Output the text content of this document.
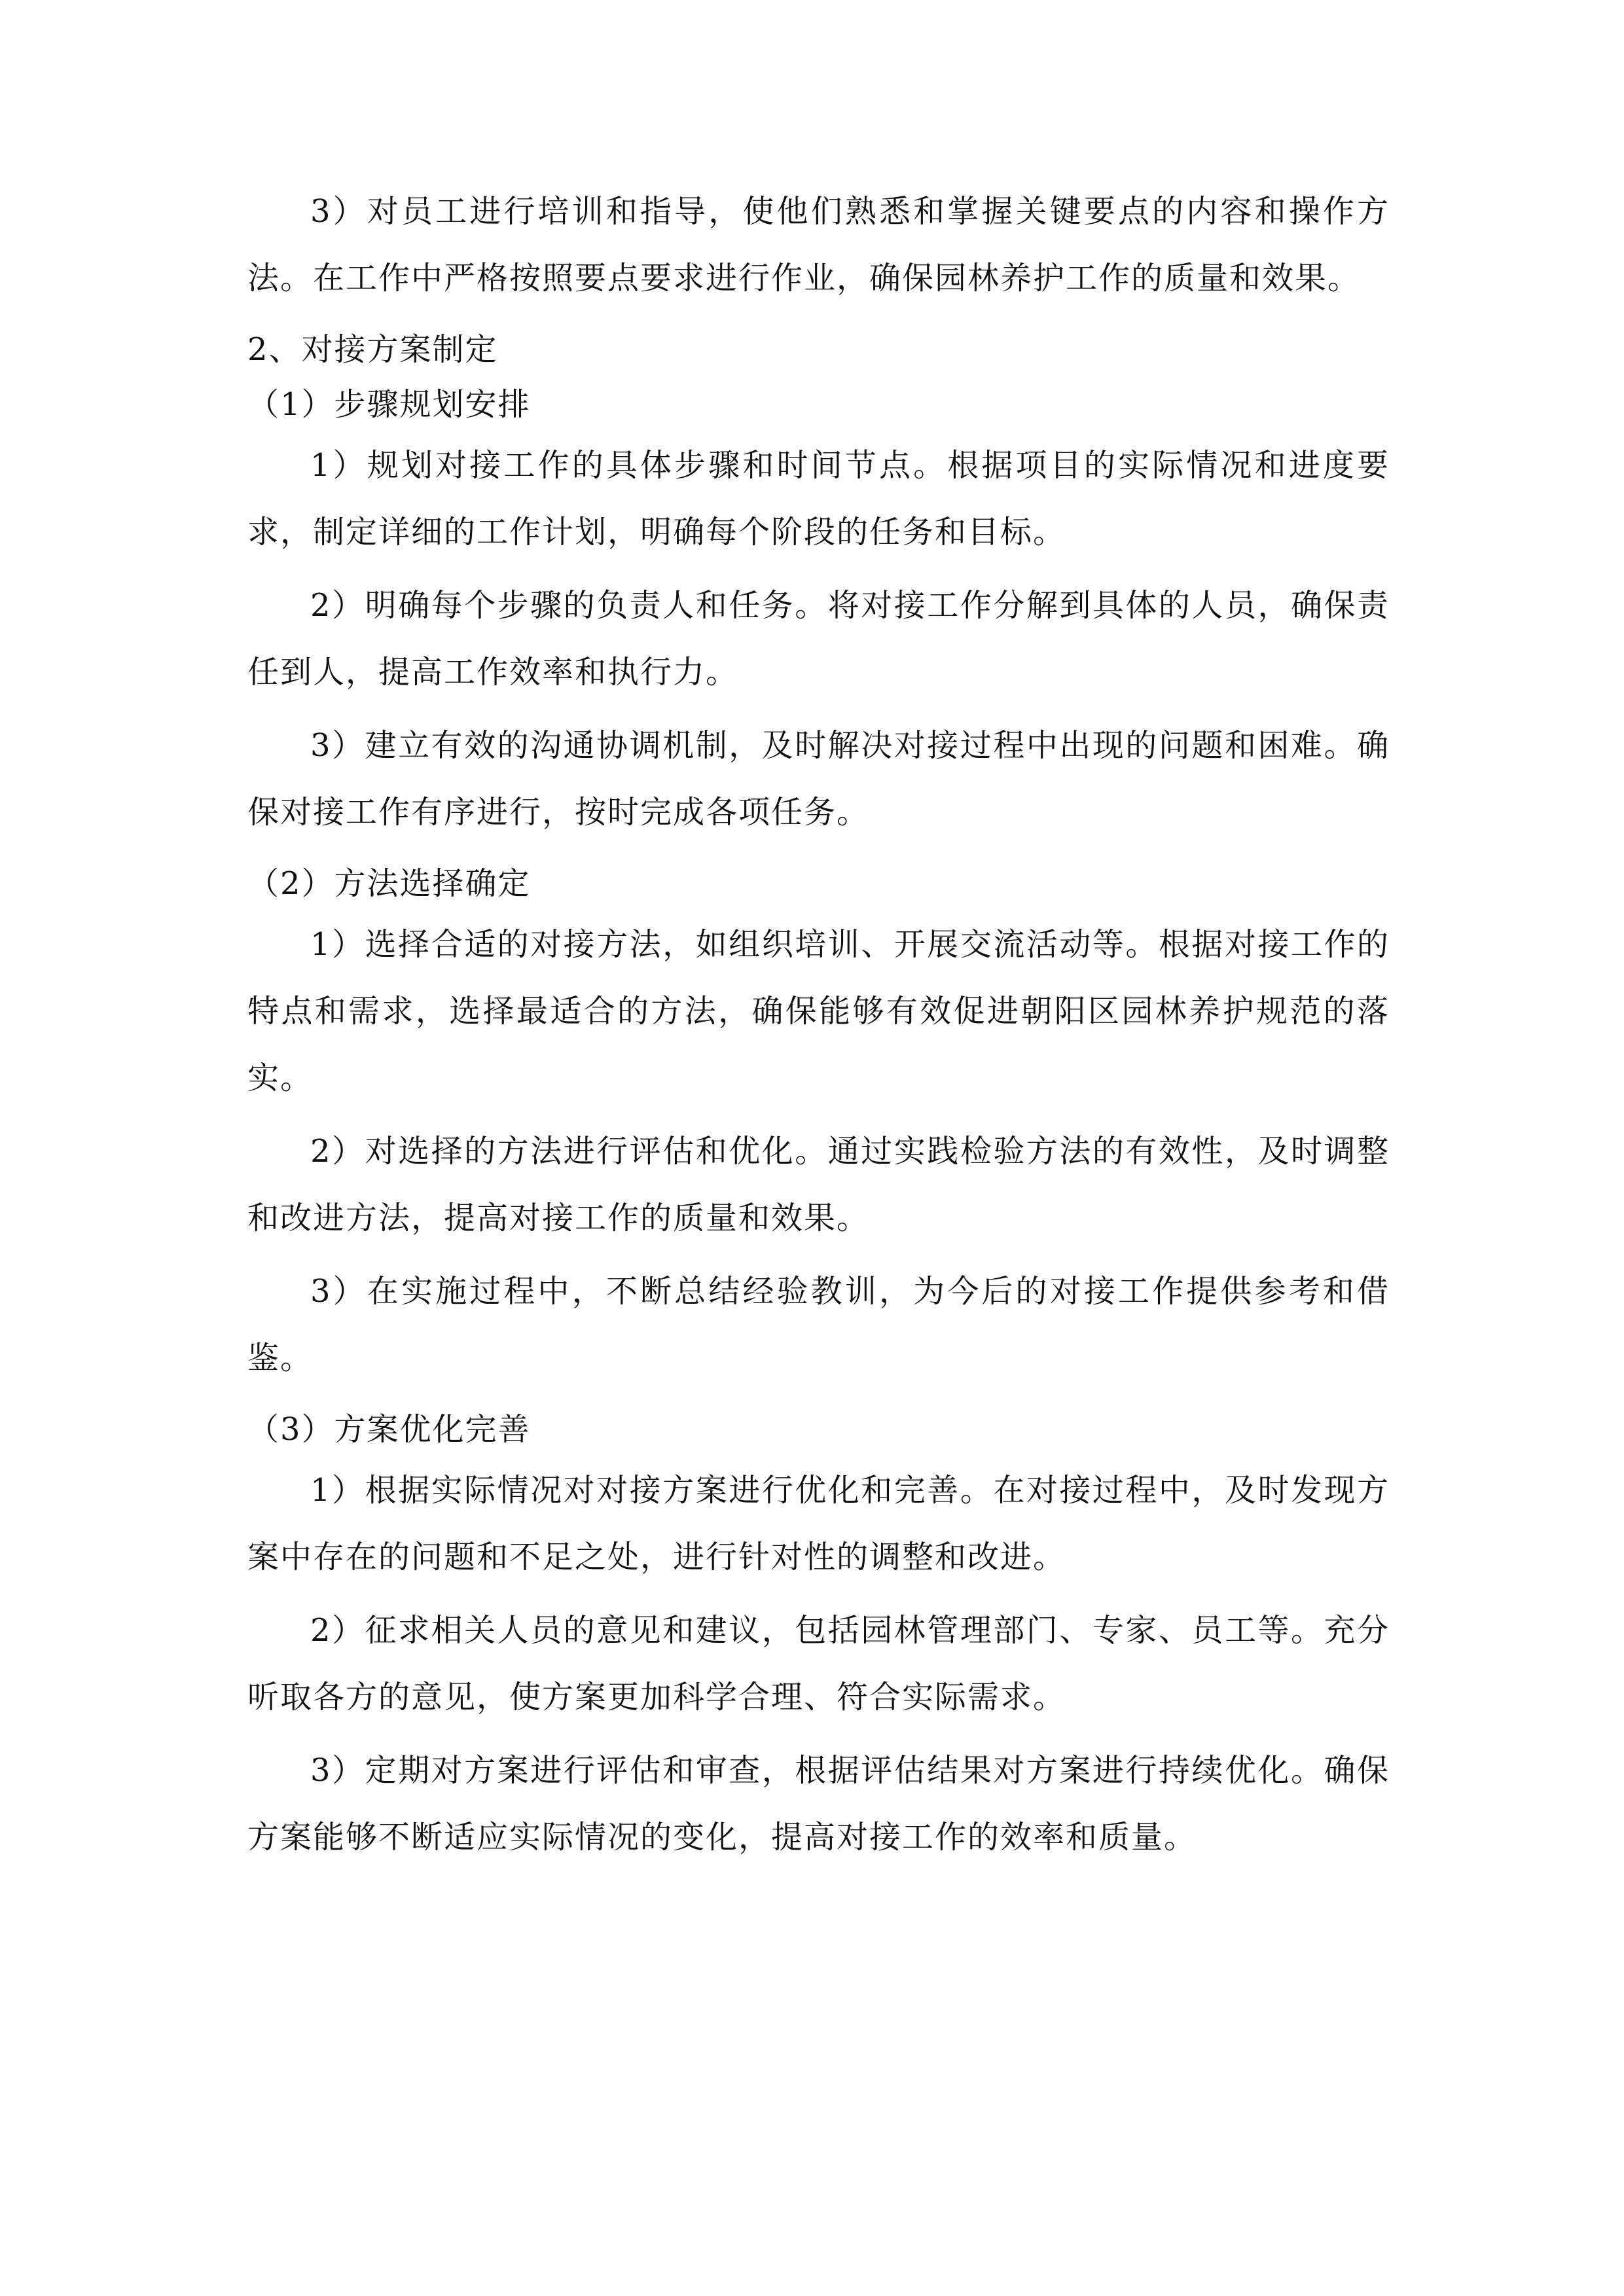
3）对员工进行培训和指导，使他们熟悉和掌握关键要点的内容和操作方法。在工作中严格按照要点要求进行作业，确保园林养护工作的质量和效果。

2、对接方案制定
（1）步骤规划安排

1）规划对接工作的具体步骤和时间节点。根据项目的实际情况和进度要求，制定详细的工作计划，明确每个阶段的任务和目标。

2）明确每个步骤的负责人和任务。将对接工作分解到具体的人员，确保责任到人，提高工作效率和执行力。

3）建立有效的沟通协调机制，及时解决对接过程中出现的问题和困难。确保对接工作有序进行，按时完成各项任务。

（2）方法选择确定

1）选择合适的对接方法，如组织培训、开展交流活动等。根据对接工作的特点和需求，选择最适合的方法，确保能够有效促进朝阳区园林养护规范的落实。

2）对选择的方法进行评估和优化。通过实践检验方法的有效性，及时调整和改进方法，提高对接工作的质量和效果。

3）在实施过程中，不断总结经验教训，为今后的对接工作提供参考和借鉴。

（3）方案优化完善

1）根据实际情况对对接方案进行优化和完善。在对接过程中，及时发现方案中存在的问题和不足之处，进行针对性的调整和改进。

2）征求相关人员的意见和建议，包括园林管理部门、专家、员工等。充分听取各方的意见，使方案更加科学合理、符合实际需求。

3）定期对方案进行评估和审查，根据评估结果对方案进行持续优化。确保方案能够不断适应实际情况的变化，提高对接工作的效率和质量。
